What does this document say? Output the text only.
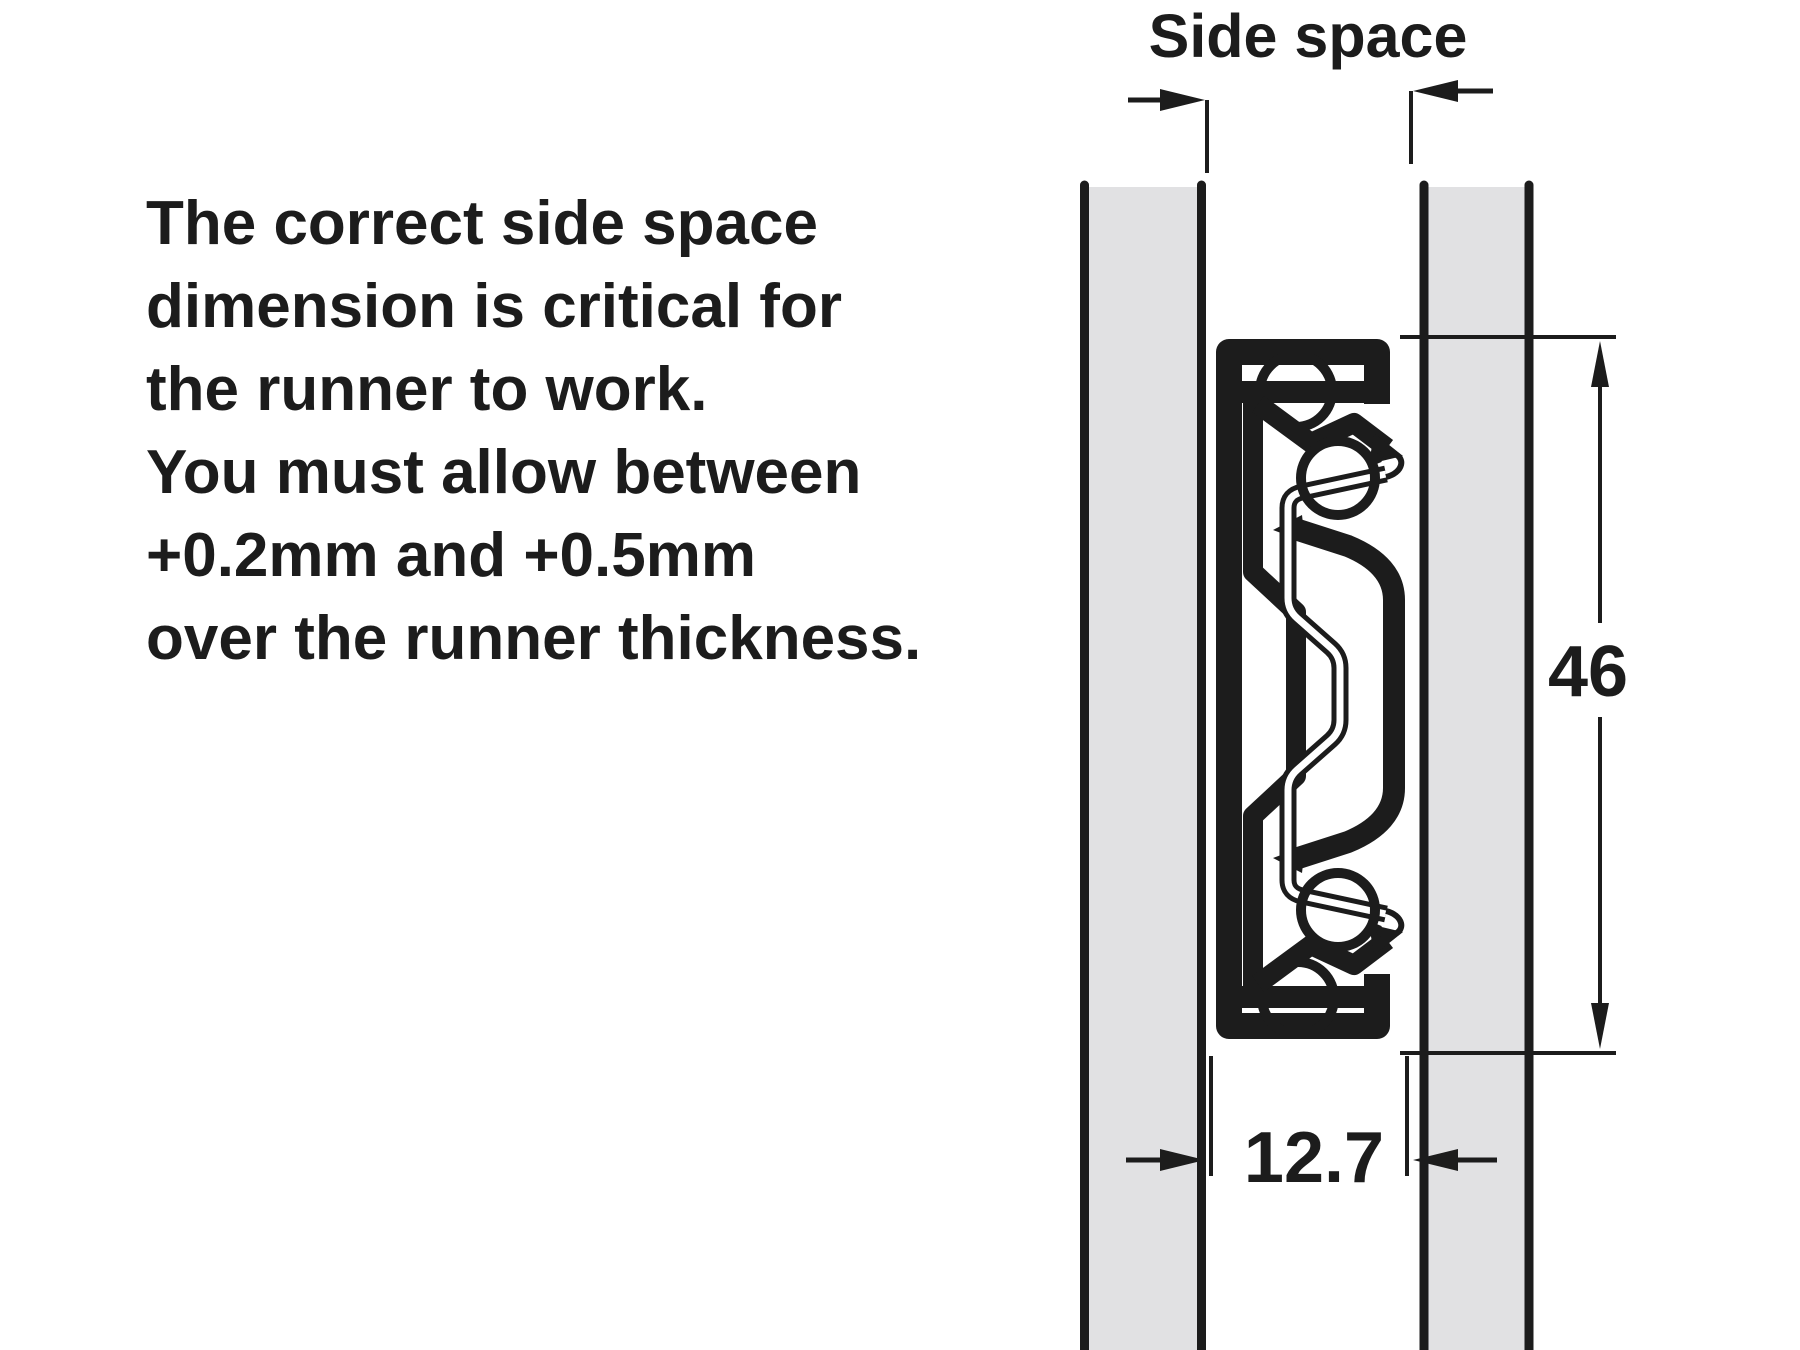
The correct side space
dimension is critical for
the runner to work.
You must allow between
+0.2mm and +0.5mm
over the runner thickness.
Side space
46
12.7
